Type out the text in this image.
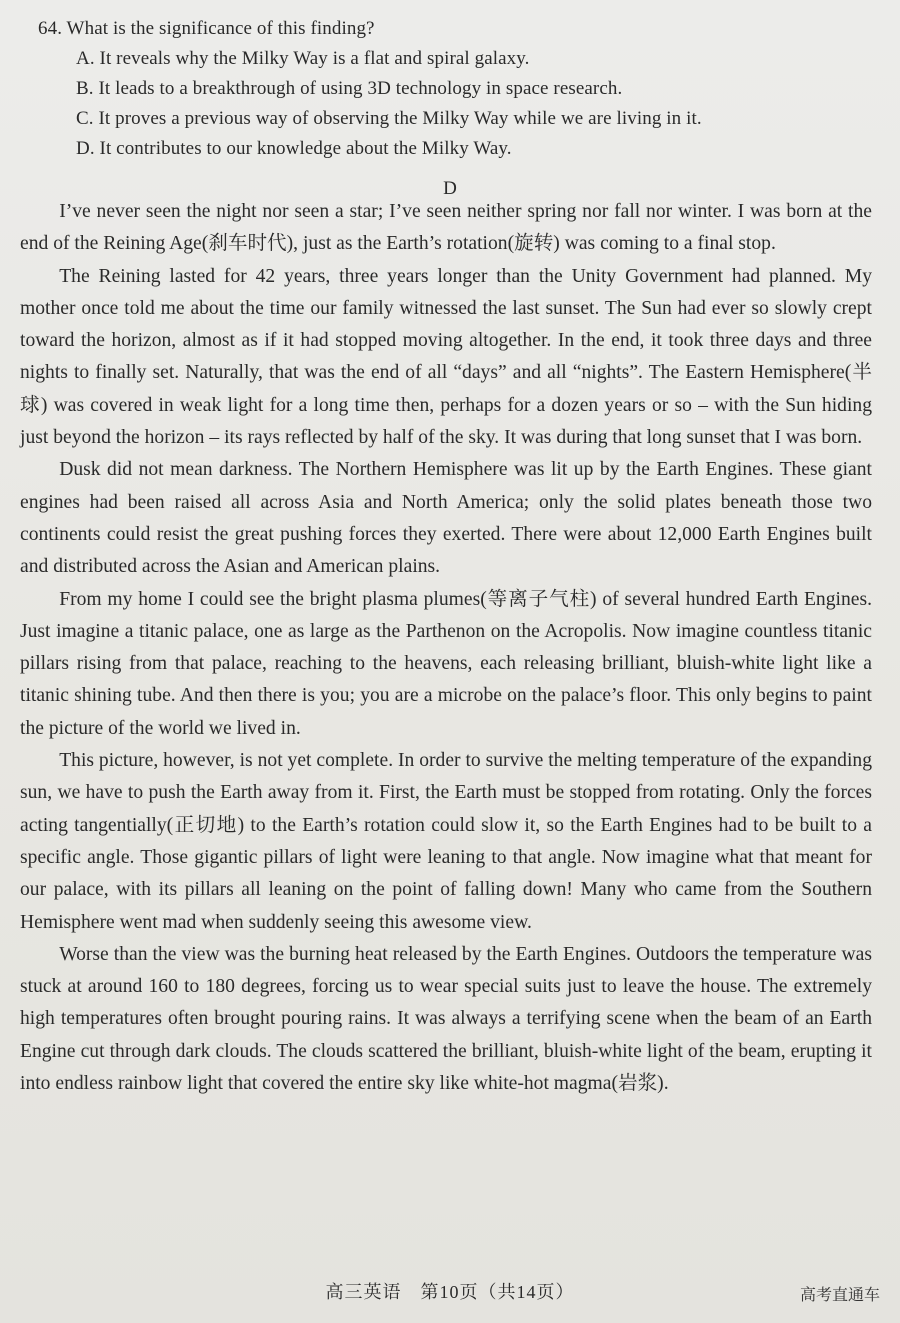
64. What is the significance of this finding?

A. It reveals why the Milky Way is a flat and spiral galaxy.
B. It leads to a breakthrough of using 3D technology in space research.
C. It proves a previous way of observing the Milky Way while we are living in it.
D. It contributes to our knowledge about the Milky Way.
D

I’ve never seen the night nor seen a star; I’ve seen neither spring nor fall nor winter. I was born at the end of the Reining Age(刹车时代), just as the Earth’s rotation(旋转) was coming to a final stop.

The Reining lasted for 42 years, three years longer than the Unity Government had planned. My mother once told me about the time our family witnessed the last sunset. The Sun had ever so slowly crept toward the horizon, almost as if it had stopped moving altogether. In the end, it took three days and three nights to finally set. Naturally, that was the end of all “days” and all “nights”. The Eastern Hemisphere(半球) was covered in weak light for a long time then, perhaps for a dozen years or so – with the Sun hiding just beyond the horizon – its rays reflected by half of the sky. It was during that long sunset that I was born.

Dusk did not mean darkness. The Northern Hemisphere was lit up by the Earth Engines. These giant engines had been raised all across Asia and North America; only the solid plates beneath those two continents could resist the great pushing forces they exerted. There were about 12,000 Earth Engines built and distributed across the Asian and American plains.

From my home I could see the bright plasma plumes(等离子气柱) of several hundred Earth Engines. Just imagine a titanic palace, one as large as the Parthenon on the Acropolis. Now imagine countless titanic pillars rising from that palace, reaching to the heavens, each releasing brilliant, bluish-white light like a titanic shining tube. And then there is you; you are a microbe on the palace’s floor. This only begins to paint the picture of the world we lived in.

This picture, however, is not yet complete. In order to survive the melting temperature of the expanding sun, we have to push the Earth away from it. First, the Earth must be stopped from rotating. Only the forces acting tangentially(正切地) to the Earth’s rotation could slow it, so the Earth Engines had to be built to a specific angle. Those gigantic pillars of light were leaning to that angle. Now imagine what that meant for our palace, with its pillars all leaning on the point of falling down! Many who came from the Southern Hemisphere went mad when suddenly seeing this awesome view.

Worse than the view was the burning heat released by the Earth Engines. Outdoors the temperature was stuck at around 160 to 180 degrees, forcing us to wear special suits just to leave the house. The extremely high temperatures often brought pouring rains. It was always a terrifying scene when the beam of an Earth Engine cut through dark clouds. The clouds scattered the brilliant, bluish-white light of the beam, erupting it into endless rainbow light that covered the entire sky like white-hot magma(岩浆).

高三英语　第10页（共14页）	高考直通车
